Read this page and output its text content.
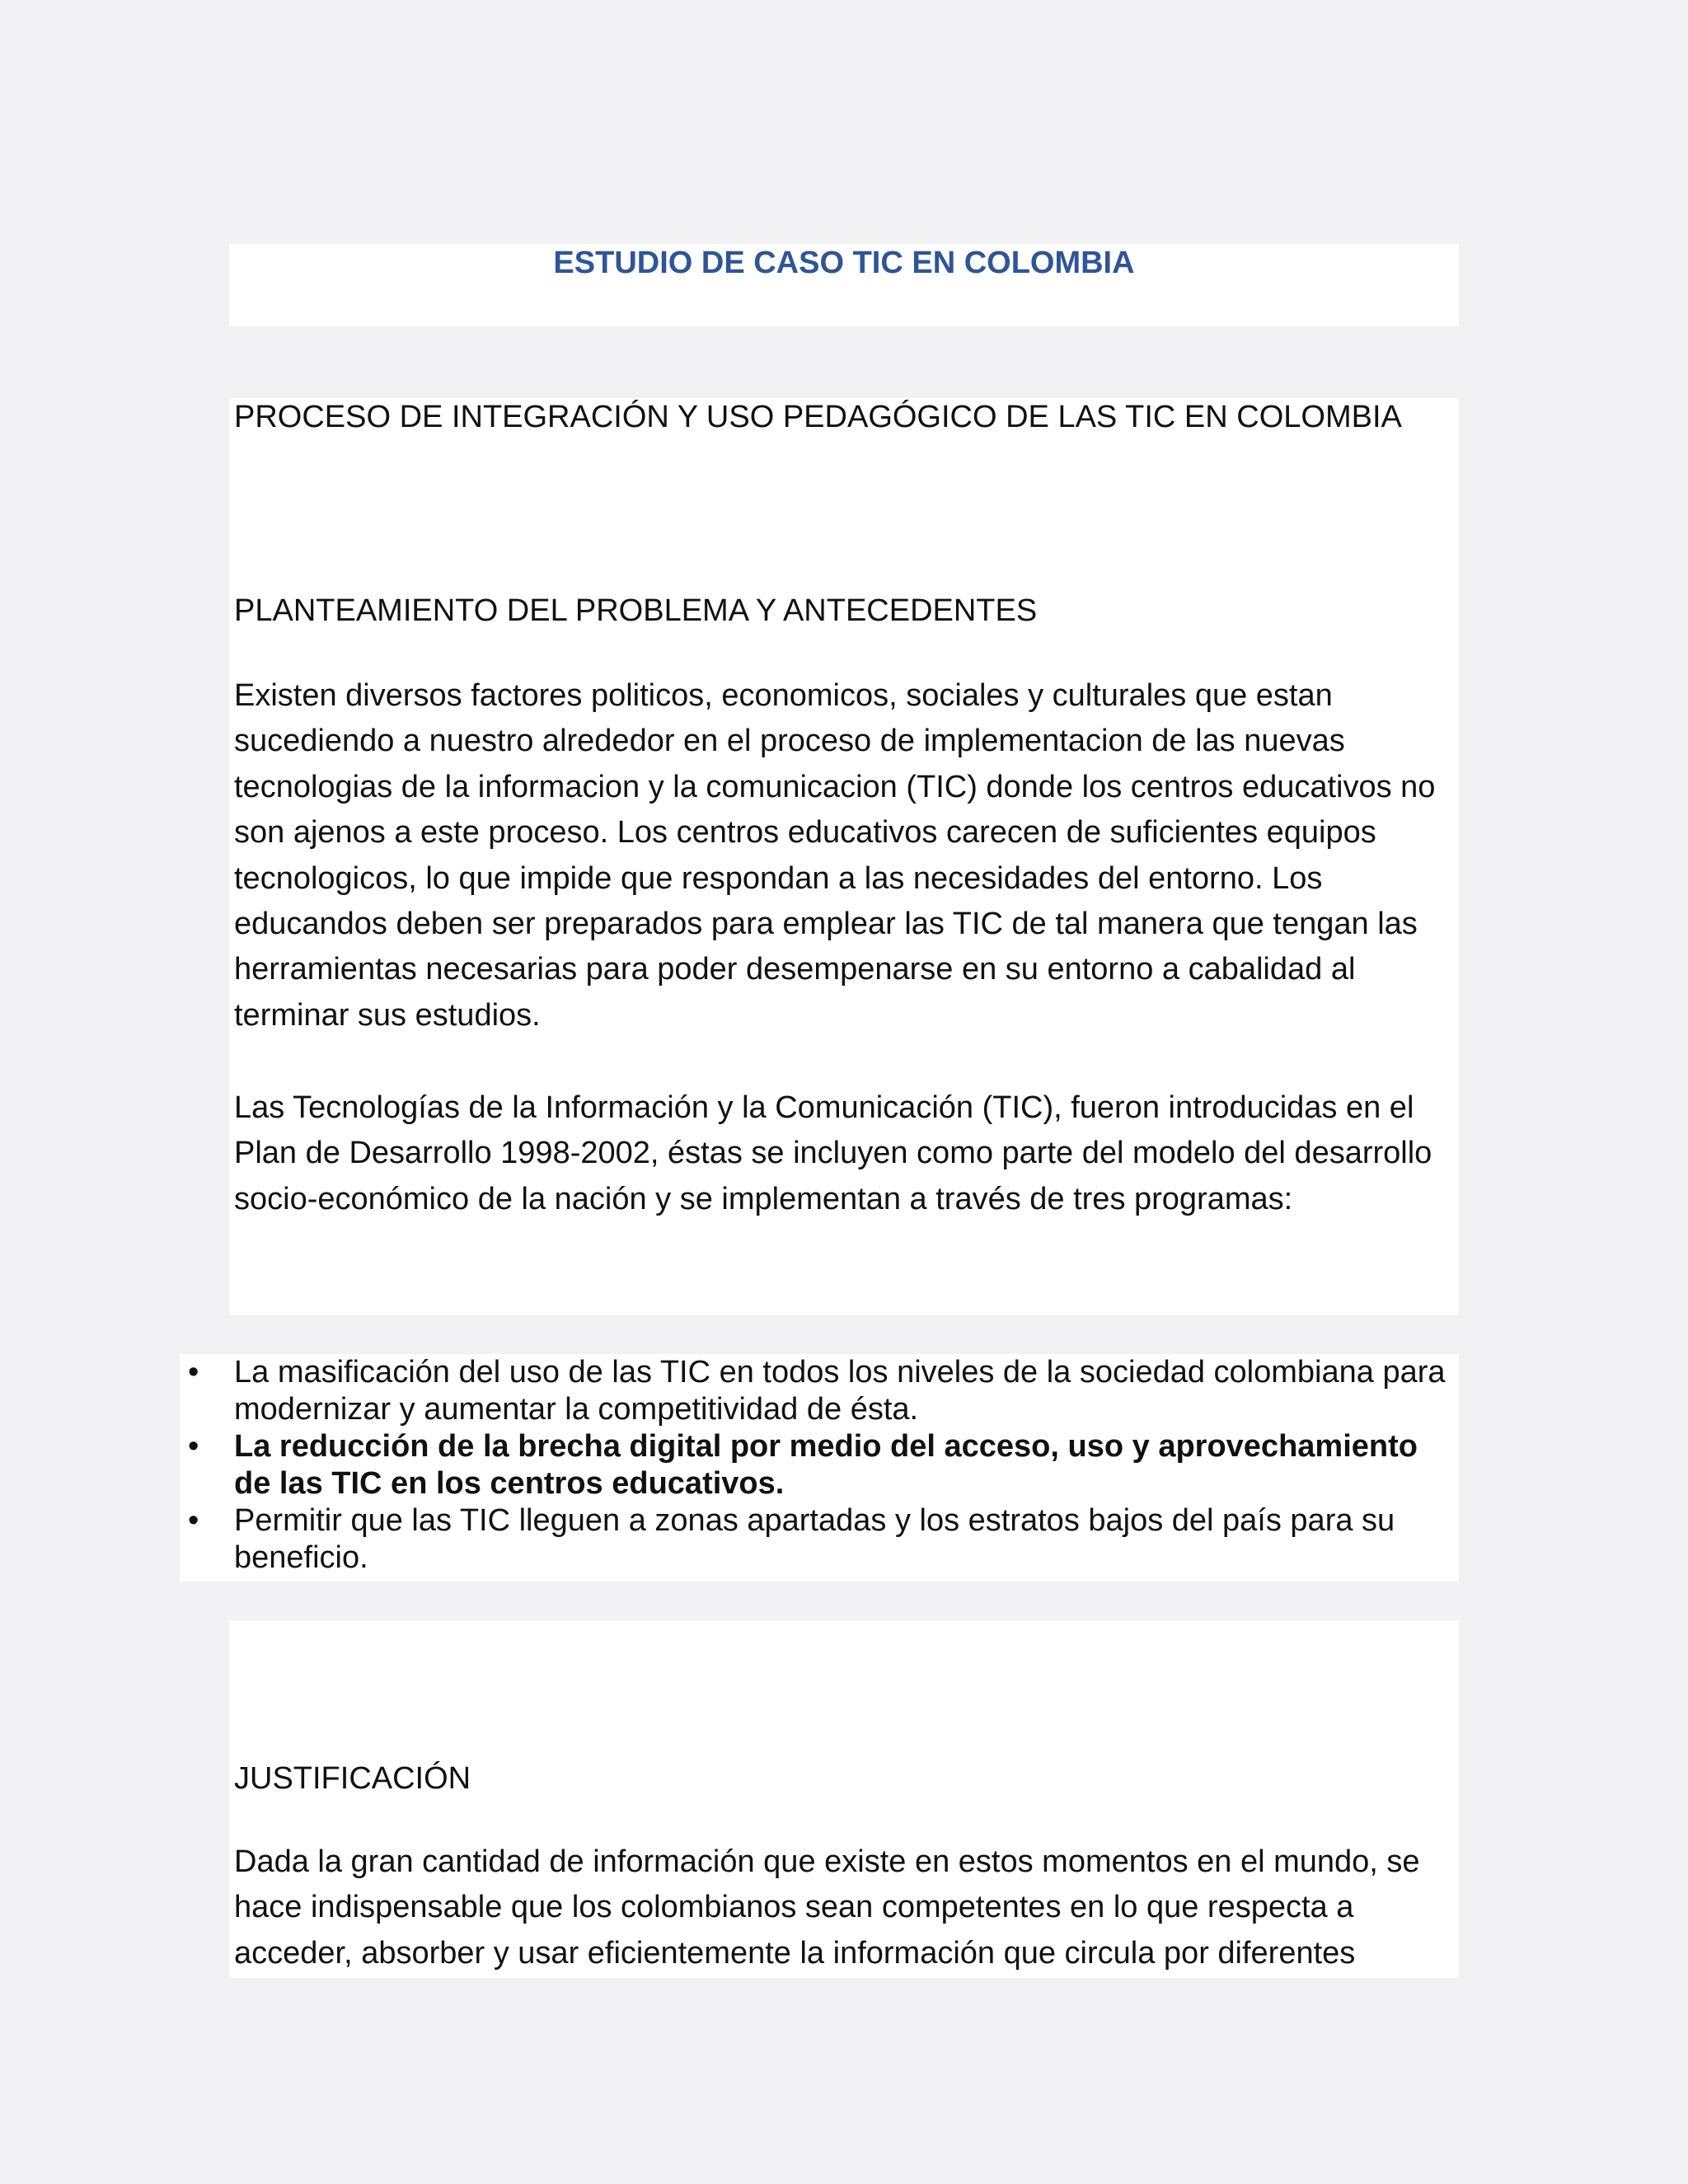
ESTUDIO DE CASO TIC EN COLOMBIA
PROCESO DE INTEGRACIÓN Y USO PEDAGÓGICO DE LAS TIC EN COLOMBIA
PLANTEAMIENTO DEL PROBLEMA Y ANTECEDENTES

Existen diversos factores politicos, economicos, sociales y culturales que estan sucediendo a nuestro alrededor en el proceso de implementacion de las nuevas tecnologias de la informacion y la comunicacion (TIC) donde los centros educativos no son ajenos a este proceso. Los centros educativos carecen de suficientes equipos tecnologicos, lo que impide que respondan a las necesidades del entorno. Los educandos deben ser preparados para emplear las TIC de tal manera que tengan las herramientas necesarias para poder desempenarse en su entorno a cabalidad al terminar sus estudios.

Las Tecnologías de la Información y la Comunicación (TIC), fueron introducidas en el Plan de Desarrollo 1998-2002, éstas se incluyen como parte del modelo del desarrollo socio-económico de la nación y se implementan a través de tres programas:

• La masificación del uso de las TIC en todos los niveles de la sociedad colombiana para modernizar y aumentar la competitividad de ésta.
• La reducción de la brecha digital por medio del acceso, uso y aprovechamiento de las TIC en los centros educativos.
• Permitir que las TIC lleguen a zonas apartadas y los estratos bajos del país para su beneficio.
JUSTIFICACIÓN

Dada la gran cantidad de información que existe en estos momentos en el mundo, se hace indispensable que los colombianos sean competentes en lo que respecta a acceder, absorber y usar eficientemente la información que circula por diferentes
